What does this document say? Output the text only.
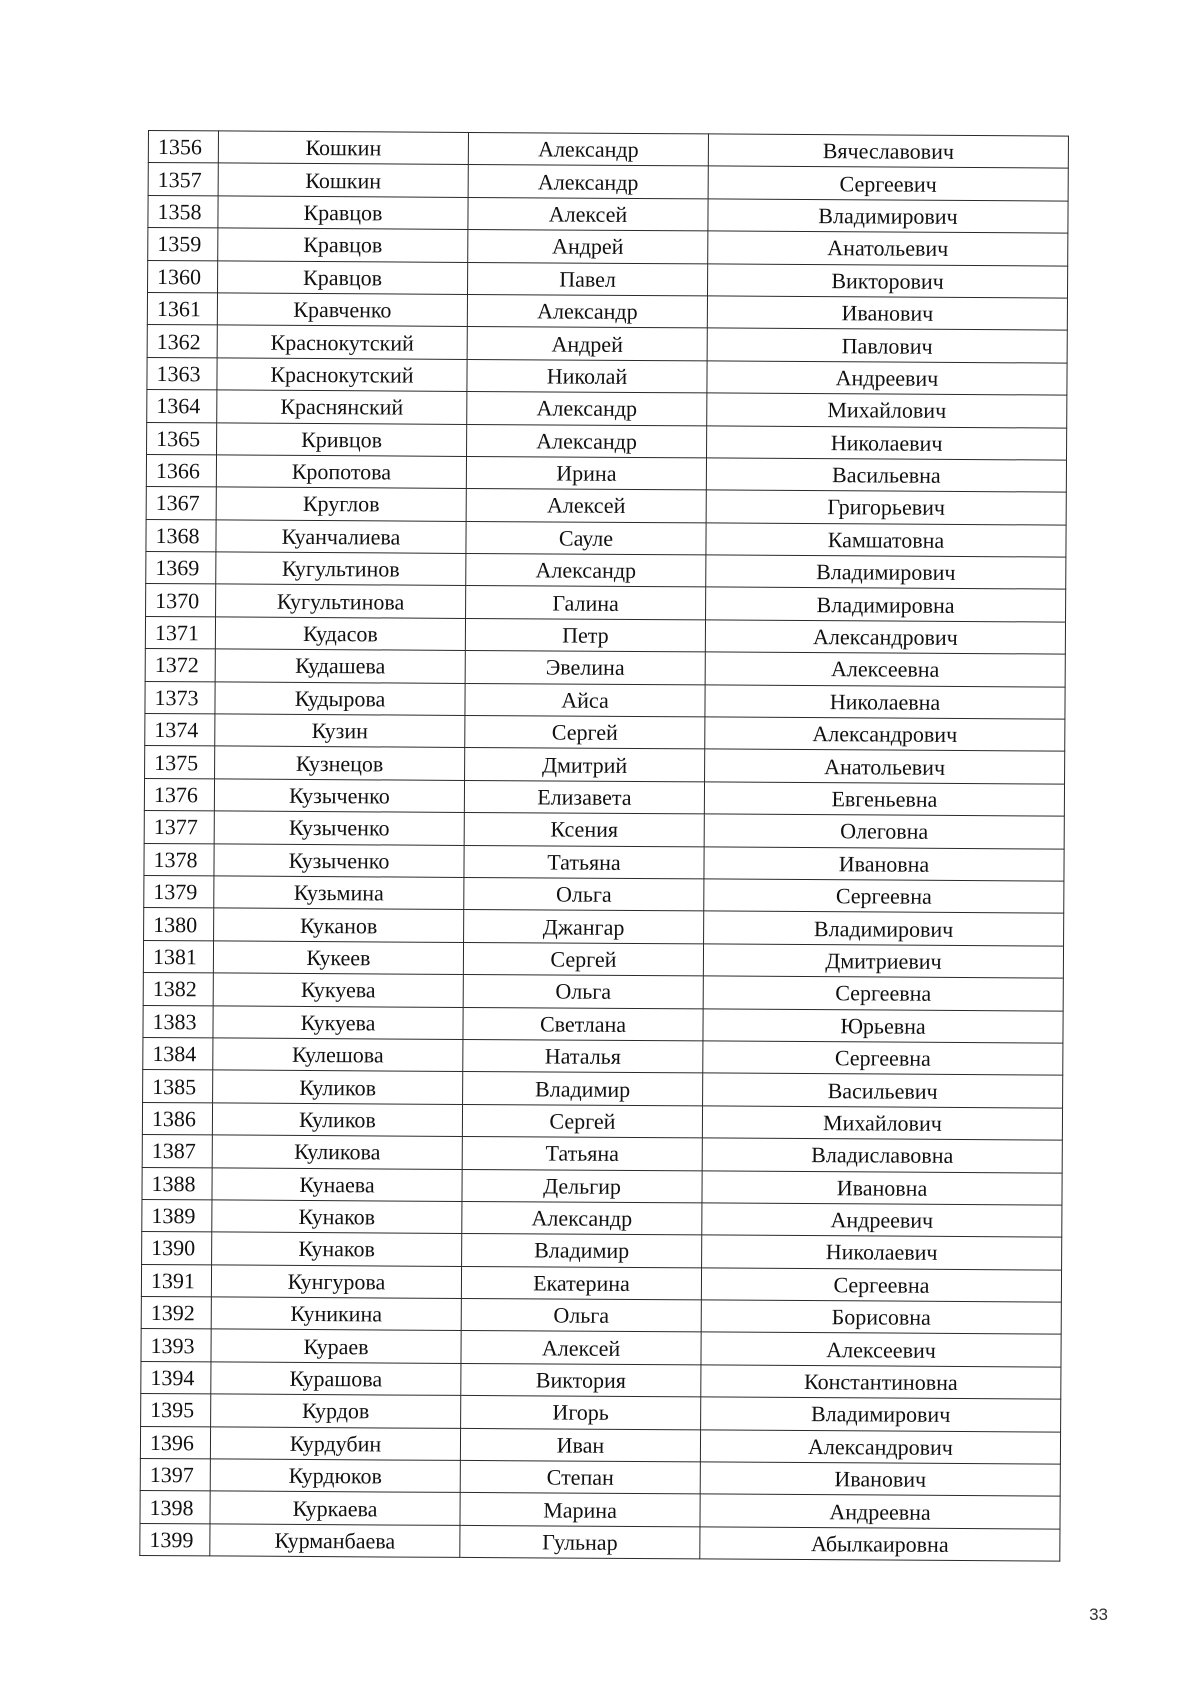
1356	Кошкин	Александр	Вячеславович
1357	Кошкин	Александр	Сергеевич
1358	Кравцов	Алексей	Владимирович
1359	Кравцов	Андрей	Анатольевич
1360	Кравцов	Павел	Викторович
1361	Кравченко	Александр	Иванович
1362	Краснокутский	Андрей	Павлович
1363	Краснокутский	Николай	Андреевич
1364	Краснянский	Александр	Михайлович
1365	Кривцов	Александр	Николаевич
1366	Кропотова	Ирина	Васильевна
1367	Круглов	Алексей	Григорьевич
1368	Куанчалиева	Сауле	Камшатовна
1369	Кугультинов	Александр	Владимирович
1370	Кугультинова	Галина	Владимировна
1371	Кудасов	Петр	Александрович
1372	Кудашева	Эвелина	Алексеевна
1373	Кудырова	Айса	Николаевна
1374	Кузин	Сергей	Александрович
1375	Кузнецов	Дмитрий	Анатольевич
1376	Кузыченко	Елизавета	Евгеньевна
1377	Кузыченко	Ксения	Олеговна
1378	Кузыченко	Татьяна	Ивановна
1379	Кузьмина	Ольга	Сергеевна
1380	Куканов	Джангар	Владимирович
1381	Кукеев	Сергей	Дмитриевич
1382	Кукуева	Ольга	Сергеевна
1383	Кукуева	Светлана	Юрьевна
1384	Кулешова	Наталья	Сергеевна
1385	Куликов	Владимир	Васильевич
1386	Куликов	Сергей	Михайлович
1387	Куликова	Татьяна	Владиславовна
1388	Кунаева	Дельгир	Ивановна
1389	Кунаков	Александр	Андреевич
1390	Кунаков	Владимир	Николаевич
1391	Кунгурова	Екатерина	Сергеевна
1392	Куникина	Ольга	Борисовна
1393	Кураев	Алексей	Алексеевич
1394	Курашова	Виктория	Константиновна
1395	Курдов	Игорь	Владимирович
1396	Курдубин	Иван	Александрович
1397	Курдюков	Степан	Иванович
1398	Куркаева	Марина	Андреевна
1399	Курманбаева	Гульнар	Абылкаировна
33
